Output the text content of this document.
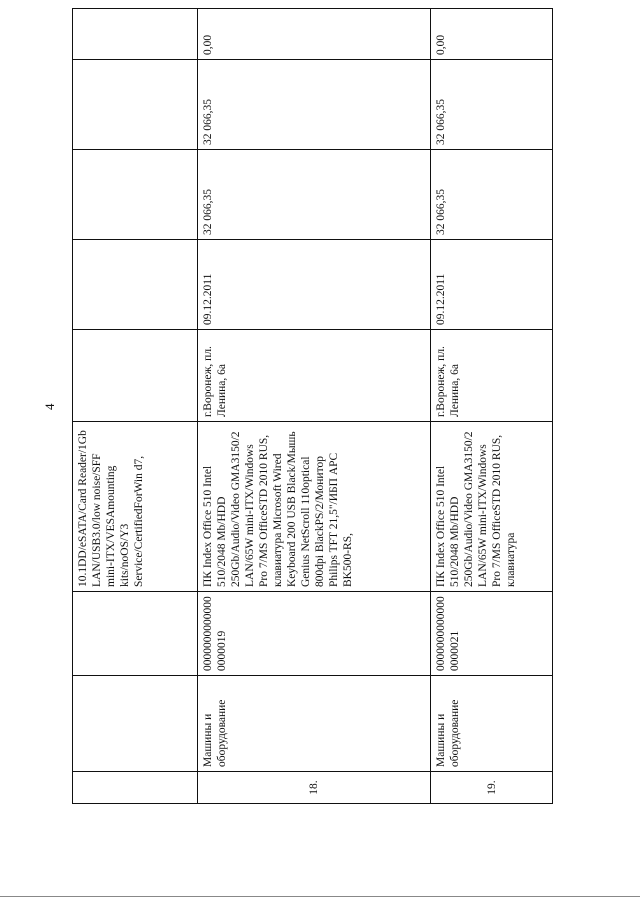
4
			10.1DD/eSATA/Card Reader/1Gb LAN/USB3.0/low noise/SFF mini-ITX/VESAmounting kits/noOS/Y3 Service/CertifiedForWin d7,					
18.	Машины и оборудование	00000000000000000019	ПК Index Office 510 Intel 510/2048 Mb/HDD 250Gb/Audio/Video GMA3150/2 LAN/65W mini-ITX/Windows Pro 7/MS OfficeSTD 2010 RUS, клавиатура Microsoft Wired Keyboard 200 USB Black/Мышь Genius NetScroll 110optical 800dpi BlackPS/2/Монитор Philips TFT 21,5"/ИБП APC BK500-RS,	г.Воронеж, пл. Ленина, 6а	09.12.2011	32 066,35	32 066,35	0,00
19.	Машины и оборудование	00000000000000000021	ПК Index Office 510 Intel 510/2048 Mb/HDD 250Gb/Audio/Video GMA3150/2 LAN/65W mini-ITX/Windows Pro 7/MS OfficeSTD 2010 RUS, клавиатура	г.Воронеж, пл. Ленина, 6а	09.12.2011	32 066,35	32 066,35	0,00
